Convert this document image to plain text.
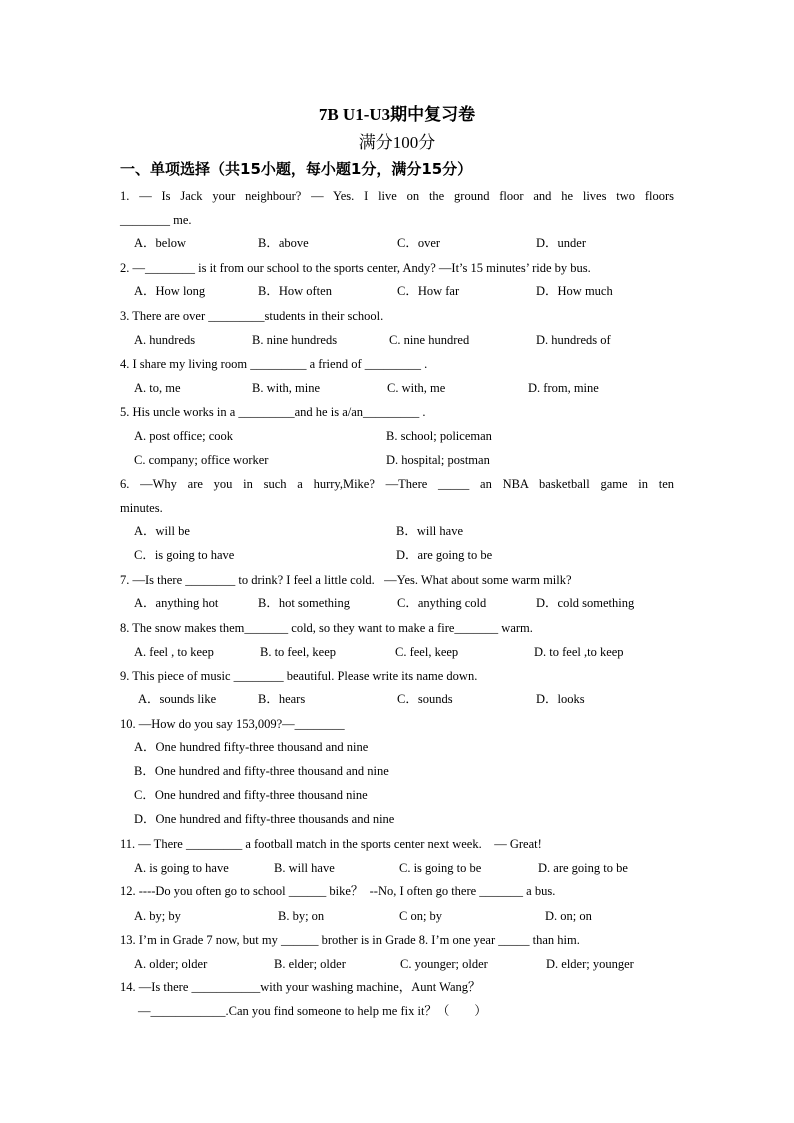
7B U1-U3期中复习卷
满分100分
一、单项选择（共15小题，每小题1分，满分15分）
1. — Is Jack your neighbour? — Yes. I live on the ground floor and he lives two floors
________ me.
A．below	B．above	C．over	D．under
2. —________ is it from our school to the sports center, Andy? —It’s 15 minutes’ ride by bus.
A．How long	B．How often	C．How far	D．How much
3. There are over _________students in their school.
A. hundreds	B. nine hundreds	C. nine hundred	D. hundreds of
4. I share my living room _________ a friend of _________ .
A. to, me	B. with, mine	C. with, me	D. from, mine
5. His uncle works in a _________and he is a/an_________ .
A. post office; cook	B. school; policeman
C. company; office worker	D. hospital; postman
6. —Why are you in such a hurry,Mike? —There _____ an NBA basketball game in ten
minutes.
A．will be	B．will have
C．is going to have	D．are going to be
7. —Is there ________ to drink? I feel a little cold.   —Yes. What about some warm milk?
A．anything hot	B．hot something	C．anything cold	D．cold something
8. The snow makes them_______ cold, so they want to make a fire_______ warm.
A. feel , to keep	B. to feel, keep	C. feel, keep	D. to feel ,to keep
9. This piece of music ________ beautiful. Please write its name down.
A．sounds like	B．hears	C．sounds	D．looks
10. —How do you say 153,009?—________
A．One hundred fifty-three thousand and nine
B．One hundred and fifty-three thousand and nine
C．One hundred and fifty-three thousand nine
D．One hundred and fifty-three thousands and nine
11. — There _________ a football match in the sports center next week.    — Great!
A. is going to have	B. will have	C. is going to be	D. are going to be
12. ----Do you often go to school ______ bike？  --No, I often go there _______ a bus.
A. by; by	B. by; on	C on; by	D. on; on
13. I’m in Grade 7 now, but my ______ brother is in Grade 8. I’m one year _____ than him.
A. older; older	B. elder; older	C. younger; older	D. elder; younger
14. —Is there ___________with your washing machine，Aunt Wang？
—____________.Can you find someone to help me fix it？（        ）
